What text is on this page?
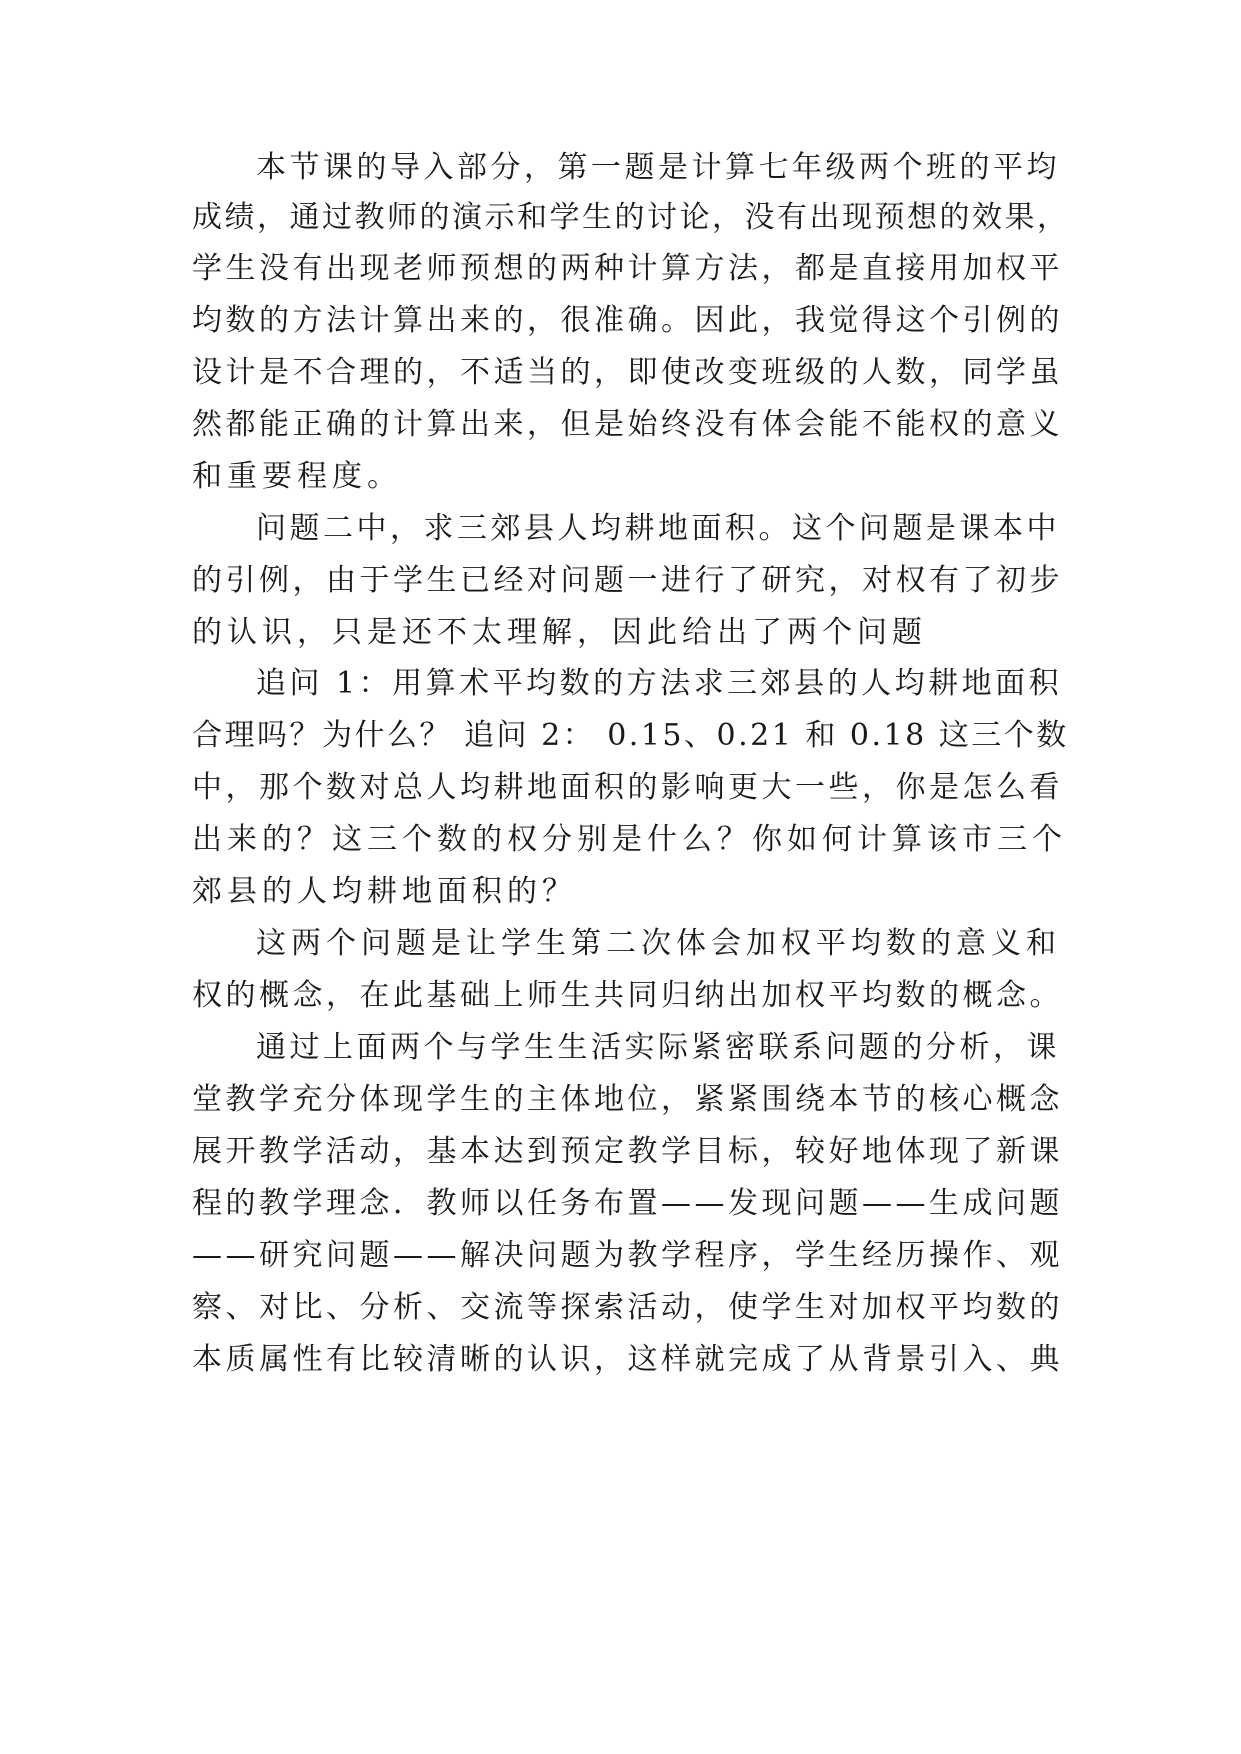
本节课的导入部分，第一题是计算七年级两个班的平均
成绩，通过教师的演示和学生的讨论，没有出现预想的效果，
学生没有出现老师预想的两种计算方法，都是直接用加权平
均数的方法计算出来的，很准确。因此，我觉得这个引例的
设计是不合理的，不适当的，即使改变班级的人数，同学虽
然都能正确的计算出来，但是始终没有体会能不能权的意义
和重要程度。
问题二中，求三郊县人均耕地面积。这个问题是课本中
的引例，由于学生已经对问题一进行了研究，对权有了初步
的认识，只是还不太理解，因此给出了两个问题
追问 1：用算术平均数的方法求三郊县的人均耕地面积
合理吗？为什么？ 追问 2： 0.15、0.21 和 0.18 这三个数
中，那个数对总人均耕地面积的影响更大一些，你是怎么看
出来的？这三个数的权分别是什么？你如何计算该市三个
郊县的人均耕地面积的？
这两个问题是让学生第二次体会加权平均数的意义和
权的概念，在此基础上师生共同归纳出加权平均数的概念。
通过上面两个与学生生活实际紧密联系问题的分析，课
堂教学充分体现学生的主体地位，紧紧围绕本节的核心概念
展开教学活动，基本达到预定教学目标，较好地体现了新课
程的教学理念．教师以任务布置——发现问题——生成问题
——研究问题——解决问题为教学程序，学生经历操作、观
察、对比、分析、交流等探索活动，使学生对加权平均数的
本质属性有比较清晰的认识，这样就完成了从背景引入、典
